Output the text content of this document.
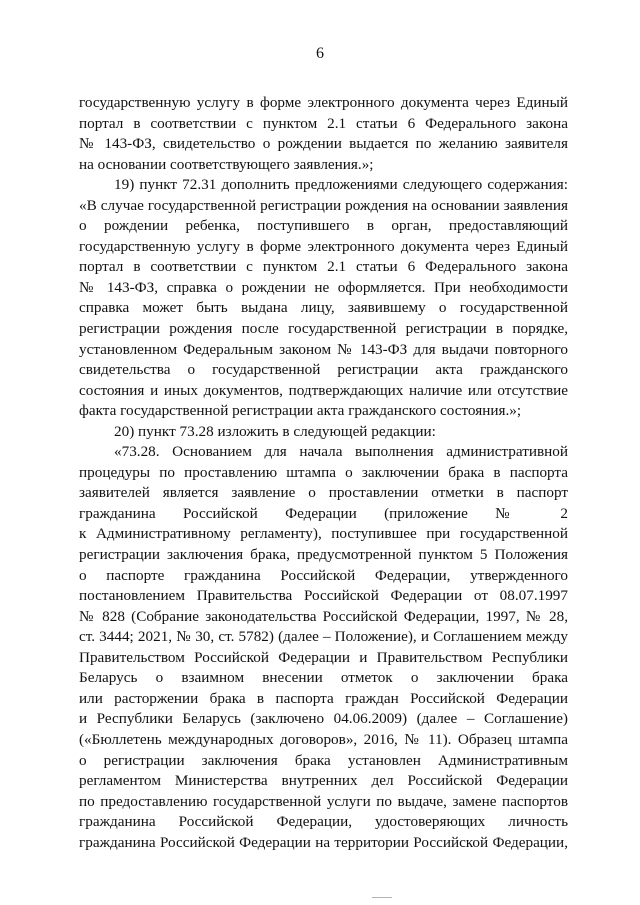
6
государственную услугу в форме электронного документа через Единый
портал в соответствии с пунктом 2.1 статьи 6 Федерального закона
№ 143-ФЗ, свидетельство о рождении выдается по желанию заявителя
на основании соответствующего заявления.»;
19) пункт 72.31 дополнить предложениями следующего содержания:
«В случае государственной регистрации рождения на основании заявления
о рождении ребенка, поступившего в орган, предоставляющий
государственную услугу в форме электронного документа через Единый
портал в соответствии с пунктом 2.1 статьи 6 Федерального закона
№ 143-ФЗ, справка о рождении не оформляется. При необходимости
справка может быть выдана лицу, заявившему о государственной
регистрации рождения после государственной регистрации в порядке,
установленном Федеральным законом № 143-ФЗ для выдачи повторного
свидетельства о государственной регистрации акта гражданского
состояния и иных документов, подтверждающих наличие или отсутствие
факта государственной регистрации акта гражданского состояния.»;
20) пункт 73.28 изложить в следующей редакции:
«73.28. Основанием для начала выполнения административной
процедуры по проставлению штампа о заключении брака в паспорта
заявителей является заявление о проставлении отметки в паспорт
гражданина Российской Федерации (приложение № 2
к Административному регламенту), поступившее при государственной
регистрации заключения брака, предусмотренной пунктом 5 Положения
о паспорте гражданина Российской Федерации, утвержденного
постановлением Правительства Российской Федерации от 08.07.1997
№ 828 (Собрание законодательства Российской Федерации, 1997, № 28,
ст. 3444; 2021, № 30, ст. 5782) (далее – Положение), и Соглашением между
Правительством Российской Федерации и Правительством Республики
Беларусь о взаимном внесении отметок о заключении брака
или расторжении брака в паспорта граждан Российской Федерации
и Республики Беларусь (заключено 04.06.2009) (далее – Соглашение)
(«Бюллетень международных договоров», 2016, № 11). Образец штампа
о регистрации заключения брака установлен Административным
регламентом Министерства внутренних дел Российской Федерации
по предоставлению государственной услуги по выдаче, замене паспортов
гражданина Российской Федерации, удостоверяющих личность
гражданина Российской Федерации на территории Российской Федерации,
